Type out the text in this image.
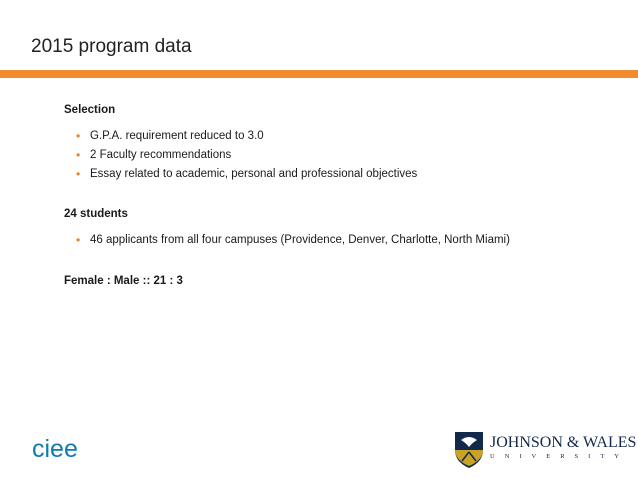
2015 program data
Selection
• G.P.A. requirement reduced to 3.0
• 2 Faculty recommendations
• Essay related to academic, personal and professional objectives
24 students
• 46 applicants from all four campuses (Providence, Denver, Charlotte, North Miami)
Female : Male :: 21 : 3
ciee	JOHNSON & WALES
UNIVERSITY
